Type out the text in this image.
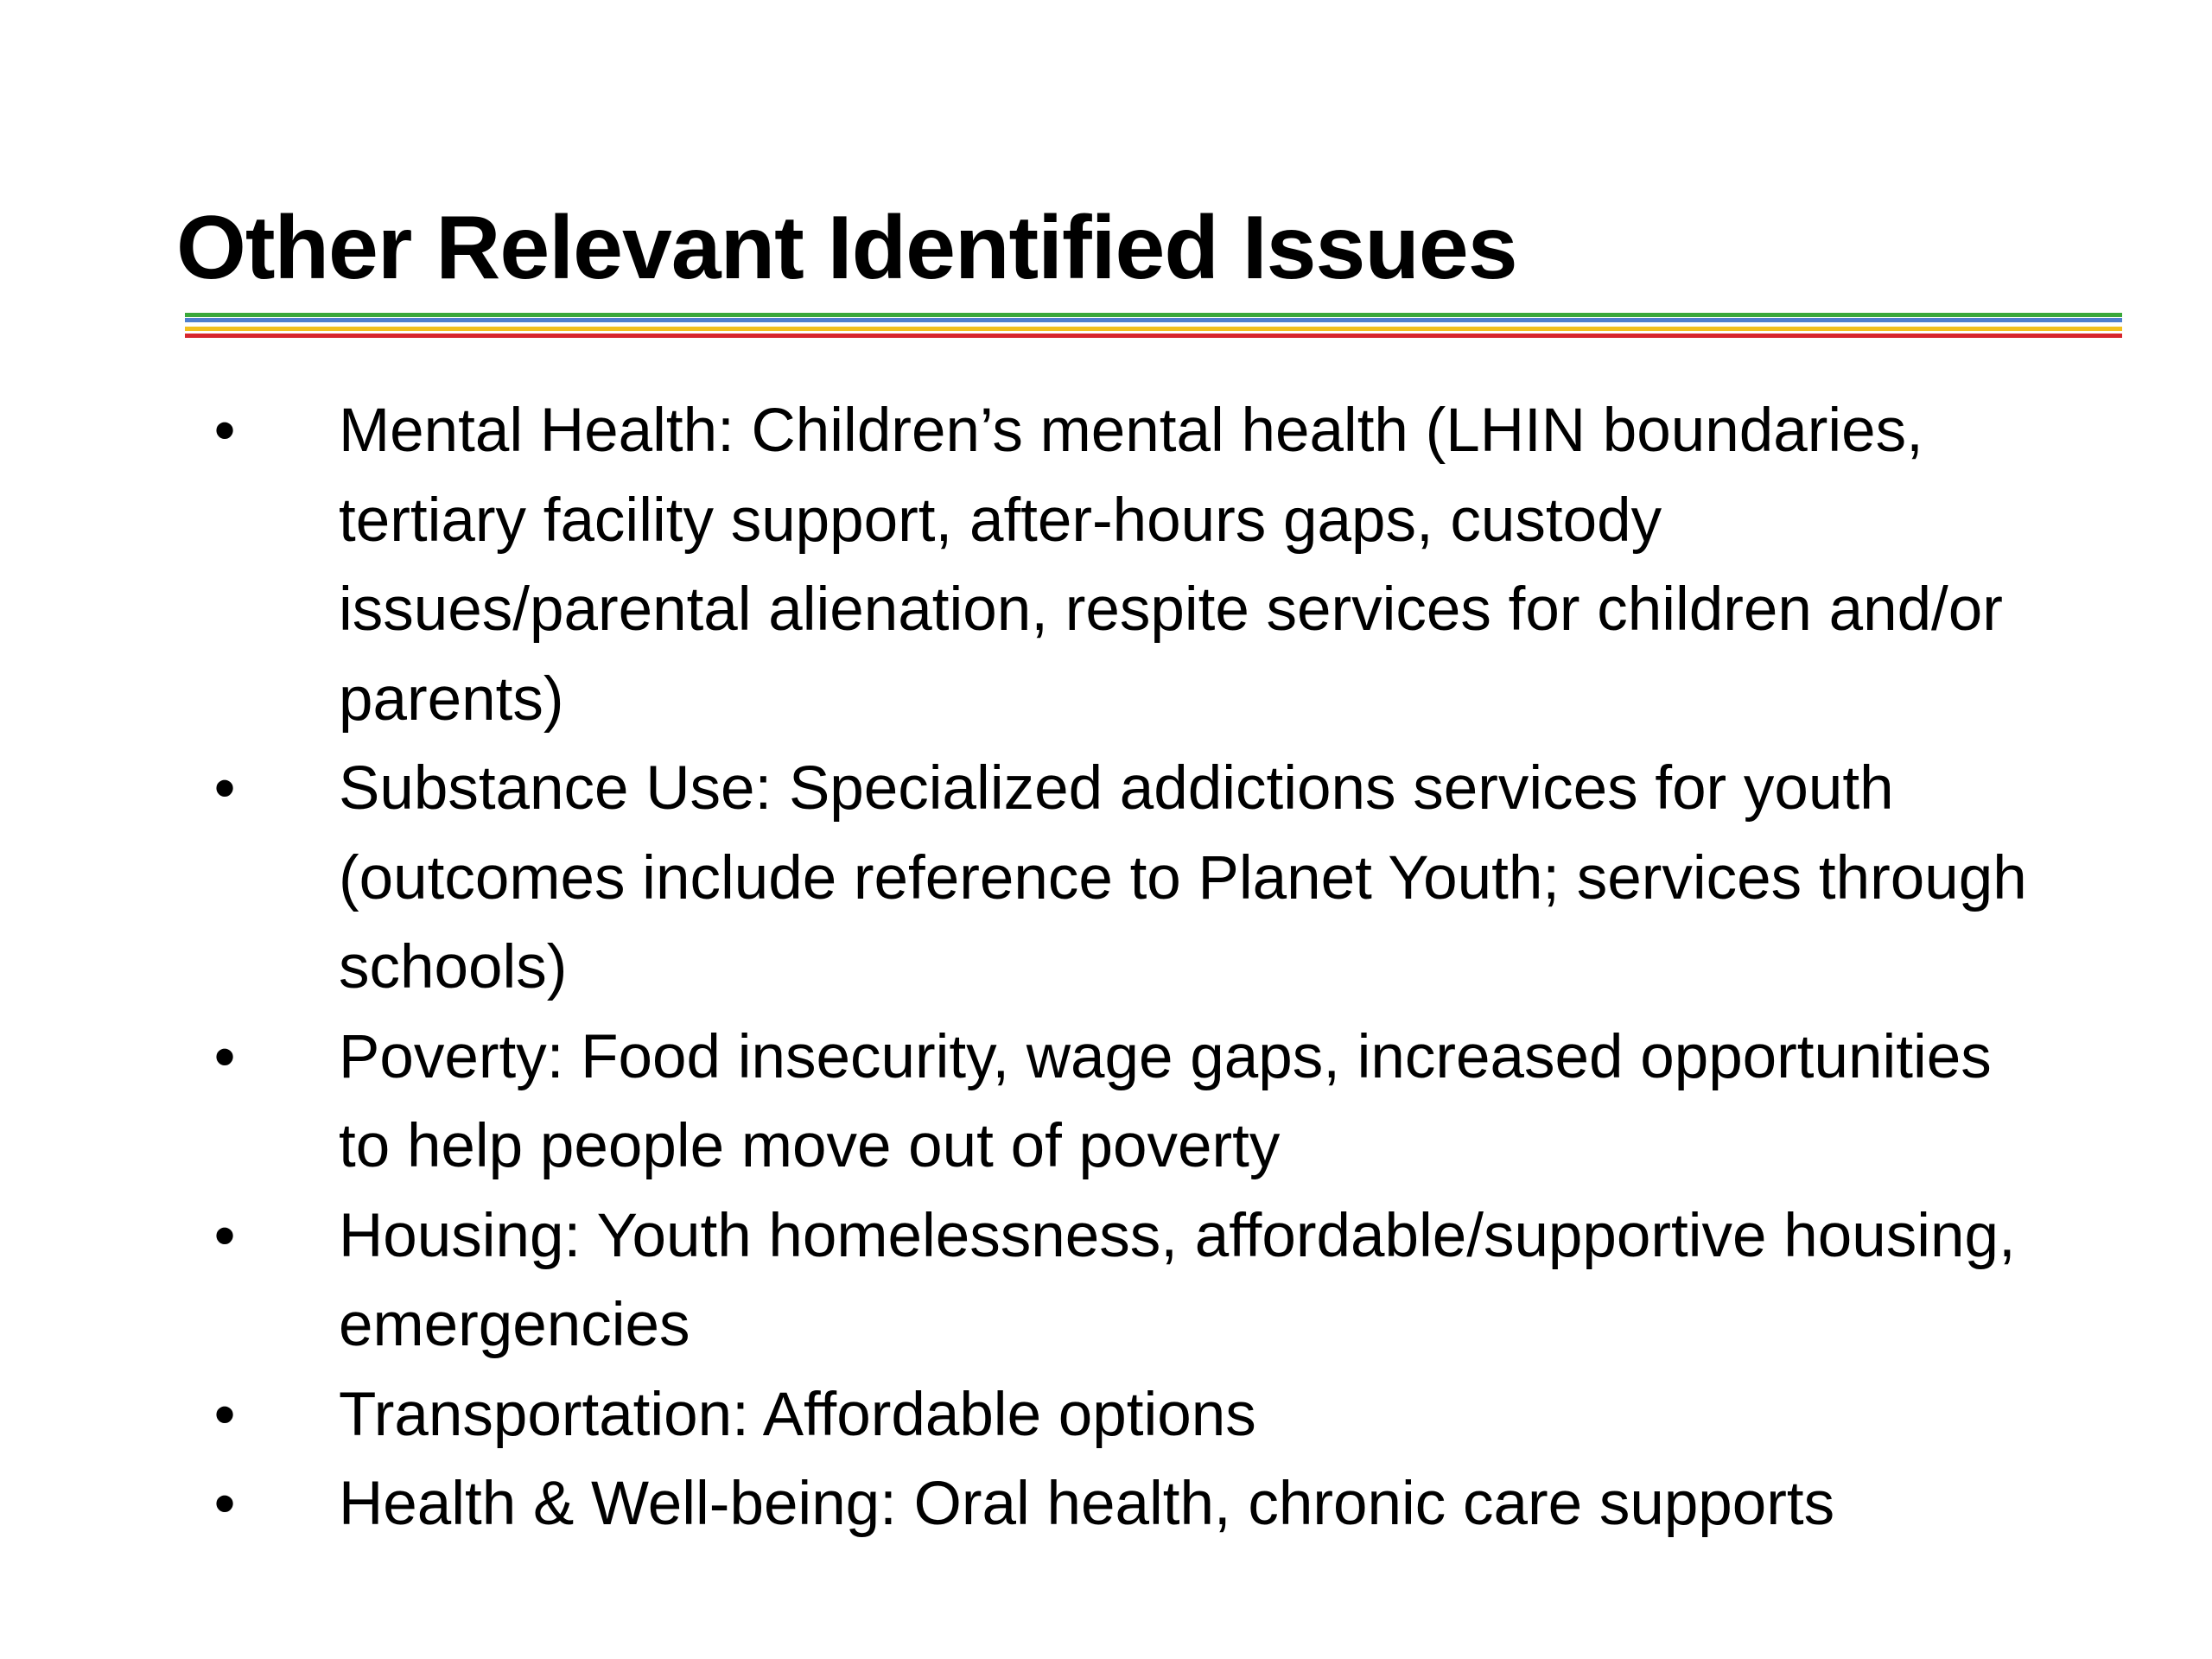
Other Relevant Identified Issues
• Mental Health: Children’s mental health (LHIN boundaries, tertiary facility support, after-hours gaps, custody issues/parental alienation, respite services for children and/or parents)
• Substance Use: Specialized addictions services for youth (outcomes include reference to Planet Youth; services through schools)
• Poverty: Food insecurity, wage gaps, increased opportunities to help people move out of poverty
• Housing: Youth homelessness, affordable/supportive housing, emergencies
• Transportation: Affordable options
• Health & Well-being: Oral health, chronic care supports
